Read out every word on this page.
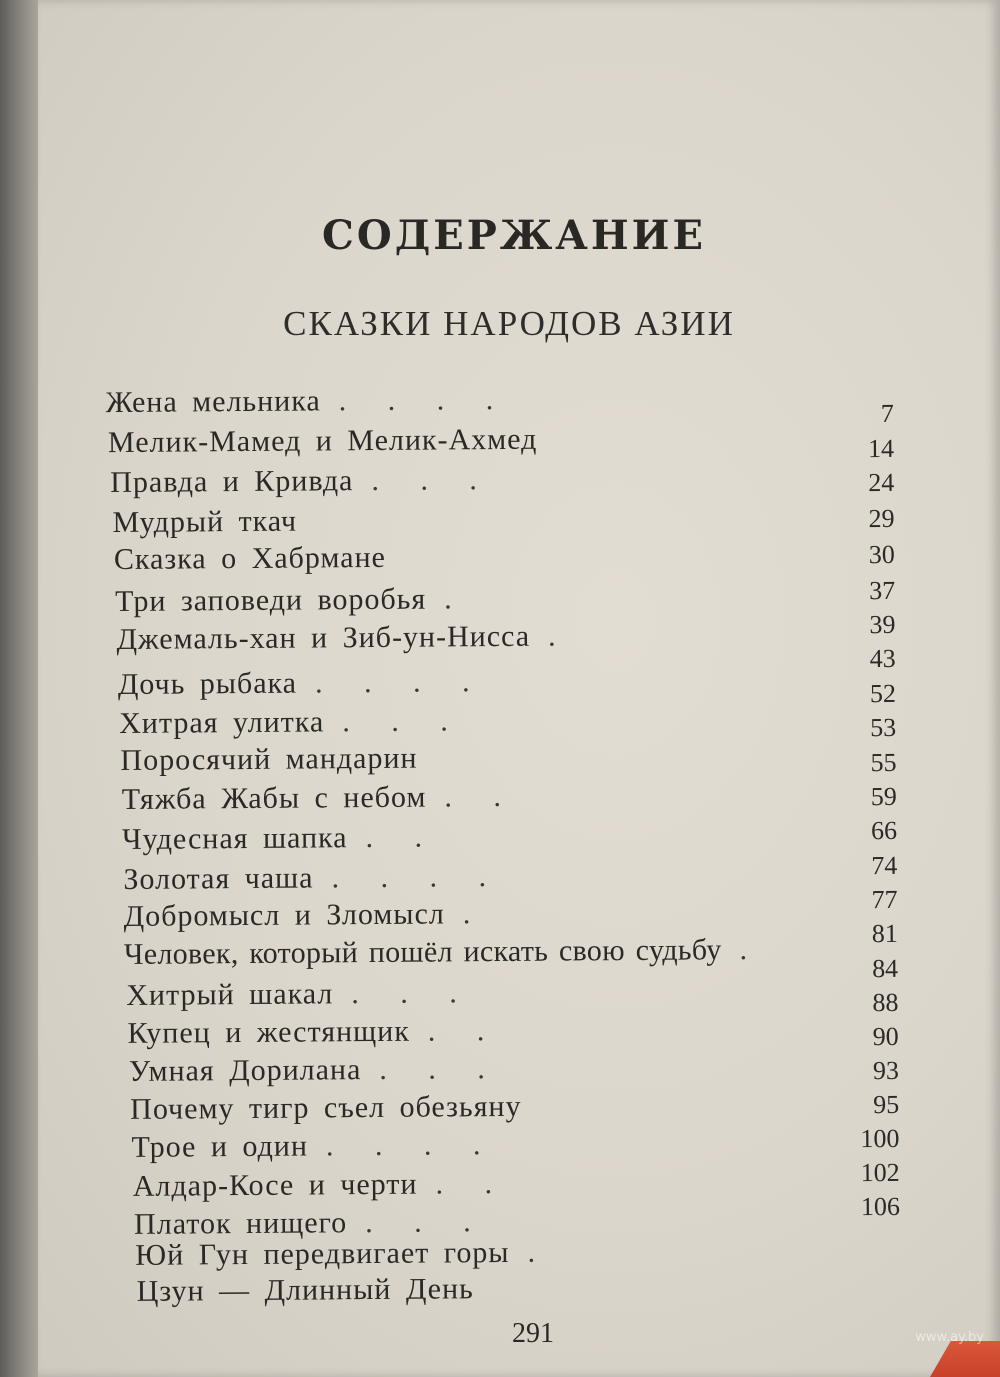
СОДЕРЖАНИЕ
СКАЗКИ НАРОДОВ АЗИИ
Жена мельника . . . .
Мелик-Мамед и Мелик-Ахмед
Правда и Кривда . . .
Мудрый ткач
Сказка о Хабрмане
Три заповеди воробья .
Джемаль-хан и Зиб-ун-Нисса .
Дочь рыбака . . . .
Хитрая улитка . . .
Поросячий мандарин
Тяжба Жабы с небом . .
Чудесная шапка . .
Золотая чаша . . . .
Добромысл и Зломысл .
Человек, который пошёл искать свою судьбу .
Хитрый шакал . . .
Купец и жестянщик . .
Умная Дорилана . . .
Почему тигр съел обезьяну
Трое и один . . . .
Алдар-Косе и черти . .
Платок нищего . . .
Юй Гун передвигает горы .
Цзун — Длинный День
7
14
24
29
30
37
39
43
52
53
55
59
66
74
77
81
84
88
90
93
95
100
102
106
291	www.ay.by
